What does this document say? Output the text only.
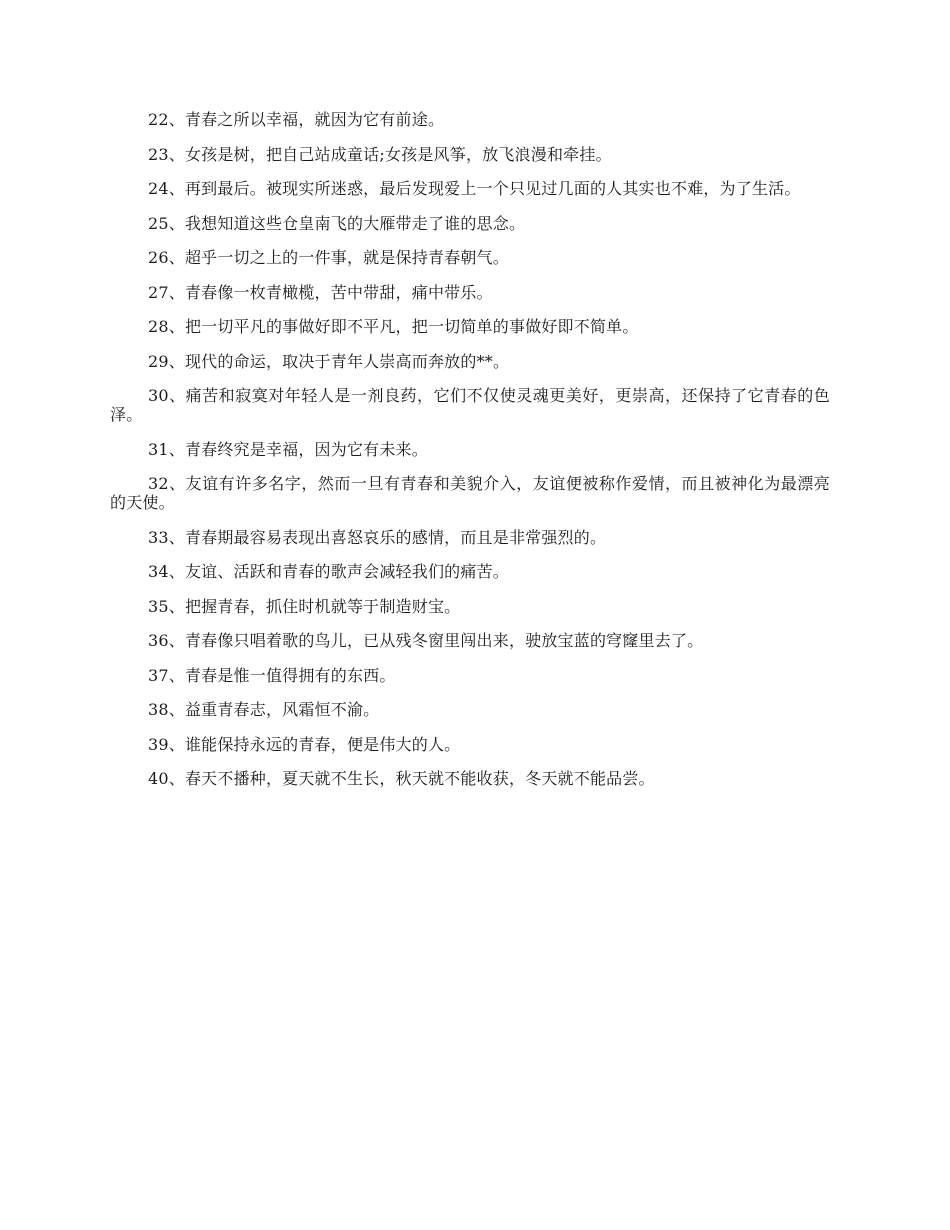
22、青春之所以幸福，就因为它有前途。

23、女孩是树，把自己站成童话;女孩是风筝，放飞浪漫和牵挂。

24、再到最后。被现实所迷惑，最后发现爱上一个只见过几面的人其实也不难，为了生活。

25、我想知道这些仓皇南飞的大雁带走了谁的思念。

26、超乎一切之上的一件事，就是保持青春朝气。

27、青春像一枚青橄榄，苦中带甜，痛中带乐。

28、把一切平凡的事做好即不平凡，把一切简单的事做好即不简单。

29、现代的命运，取决于青年人崇高而奔放的**。

30、痛苦和寂寞对年轻人是一剂良药，它们不仅使灵魂更美好，更崇高，还保持了它青春的色泽。

31、青春终究是幸福，因为它有未来。

32、友谊有许多名字，然而一旦有青春和美貌介入，友谊便被称作爱情，而且被神化为最漂亮的天使。

33、青春期最容易表现出喜怒哀乐的感情，而且是非常强烈的。

34、友谊、活跃和青春的歌声会减轻我们的痛苦。

35、把握青春，抓住时机就等于制造财宝。

36、青春像只唱着歌的鸟儿，已从残冬窗里闯出来，驶放宝蓝的穹窿里去了。

37、青春是惟一值得拥有的东西。

38、益重青春志，风霜恒不渝。

39、谁能保持永远的青春，便是伟大的人。

40、春天不播种，夏天就不生长，秋天就不能收获，冬天就不能品尝。
